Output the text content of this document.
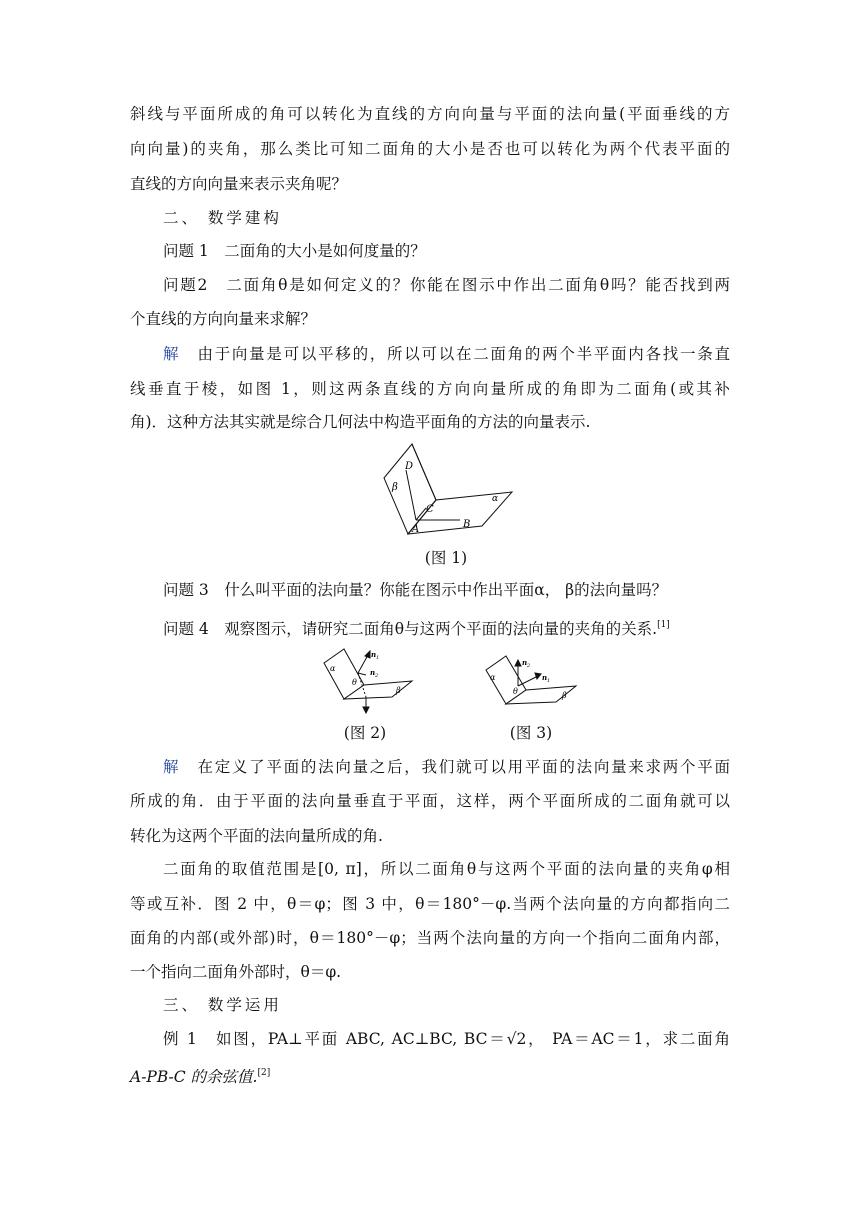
斜线与平面所成的角可以转化为直线的方向向量与平面的法向量(平面垂线的方
向向量)的夹角，那么类比可知二面角的大小是否也可以转化为两个代表平面的
直线的方向向量来表示夹角呢？
二、 数学建构
问题 1　二面角的大小是如何度量的？
问题2　二面角θ是如何定义的？你能在图示中作出二面角θ吗？能否找到两
个直线的方向向量来求解？
解　由于向量是可以平移的，所以可以在二面角的两个半平面内各找一条直
线垂直于棱，如图 1，则这两条直线的方向向量所成的角即为二面角(或其补
角)．这种方法其实就是综合几何法中构造平面角的方法的向量表示.
D
β
α
C
A	B
(图 1)
问题 3　什么叫平面的法向量？你能在图示中作出平面α， β的法向量吗？
问题 4　观察图示，请研究二面角θ与这两个平面的法向量的夹角的关系.[1]
α
β
θ
n 1
n 2
(图 2)
α
β
θ
n 2
n 1
(图 3)
解　在定义了平面的法向量之后，我们就可以用平面的法向量来求两个平面
所成的角．由于平面的法向量垂直于平面，这样，两个平面所成的二面角就可以
转化为这两个平面的法向量所成的角.
二面角的取值范围是[0, π]，所以二面角θ与这两个平面的法向量的夹角φ相
等或互补．图 2 中，θ＝φ；图 3 中，θ＝180°－φ.当两个法向量的方向都指向二
面角的内部(或外部)时，θ＝180°－φ；当两个法向量的方向一个指向二面角内部，
一个指向二面角外部时，θ＝φ.
三、 数学运用
例 1　如图，PA⊥平面 ABC, AC⊥BC, BC＝√2， PA＝AC＝1，求二面角
A-PB-C 的余弦值.[2]
